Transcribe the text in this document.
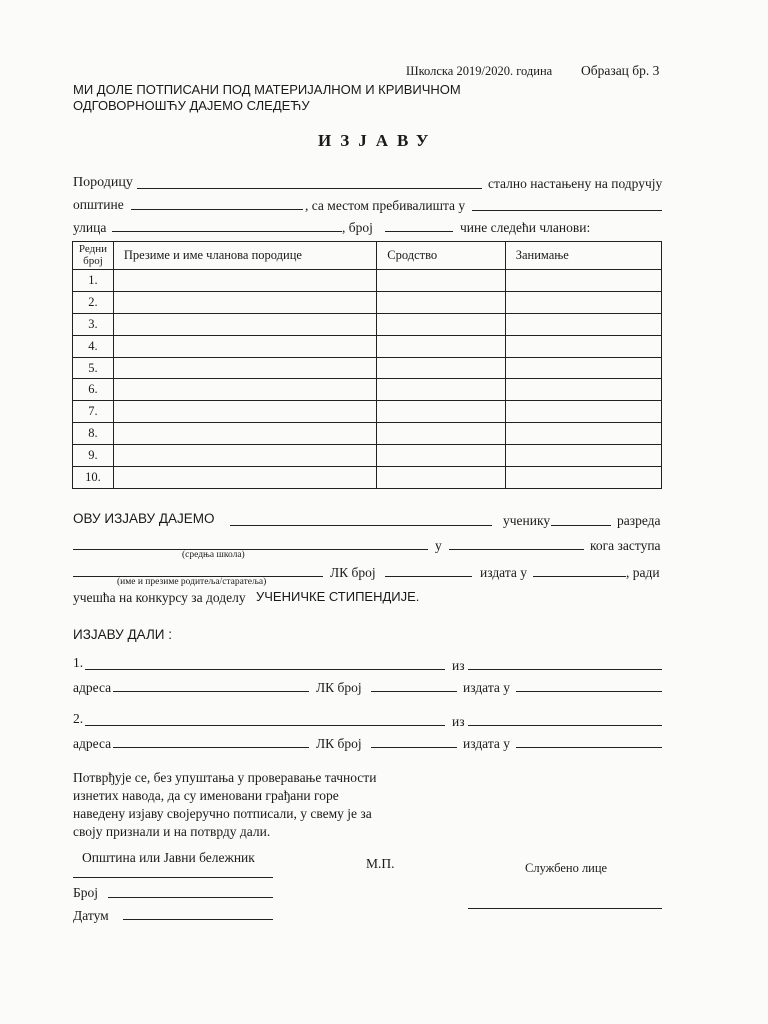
Школска 2019/2020. година Образац бр. 3
МИ ДОЛЕ ПОТПИСАНИ ПОД МАТЕРИЈАЛНОМ И КРИВИЧНОМ
ОДГОВОРНОШЋУ ДАЈЕМО СЛЕДЕЋУ
ИЗЈАВУ
Породицу	стално настањену на подручју
општине	, са местом пребивалишта у
улица	, број	чине следећи чланови:
Редни број	Презиме и име чланова породице	Сродство	Занимање
1.			
2.			
3.			
4.			
5.			
6.			
7.			
8.			
9.			
10.			
ОВУ ИЗЈАВУ ДАЈЕМО	ученику	разреда
(средња школа)
у	кога заступа
(име и презиме родитеља/старатеља)
ЛК број	издата у	, ради
учешћа на конкурсу за доделу УЧЕНИЧКЕ СТИПЕНДИЈЕ.
ИЗЈАВУ ДАЛИ :
1.	из
адреса	ЛК број	издата у
2.	из
адреса	ЛК број	издата у
Потврђује се, без упуштања у проверавање тачности
изнетих навода, да су именовани грађани горе
наведену изјаву својеручно потписали, у свему је за
своју признали и на потврду дали.
Општина или Јавни бележник	М.П.	Службено лице
Број
Датум
